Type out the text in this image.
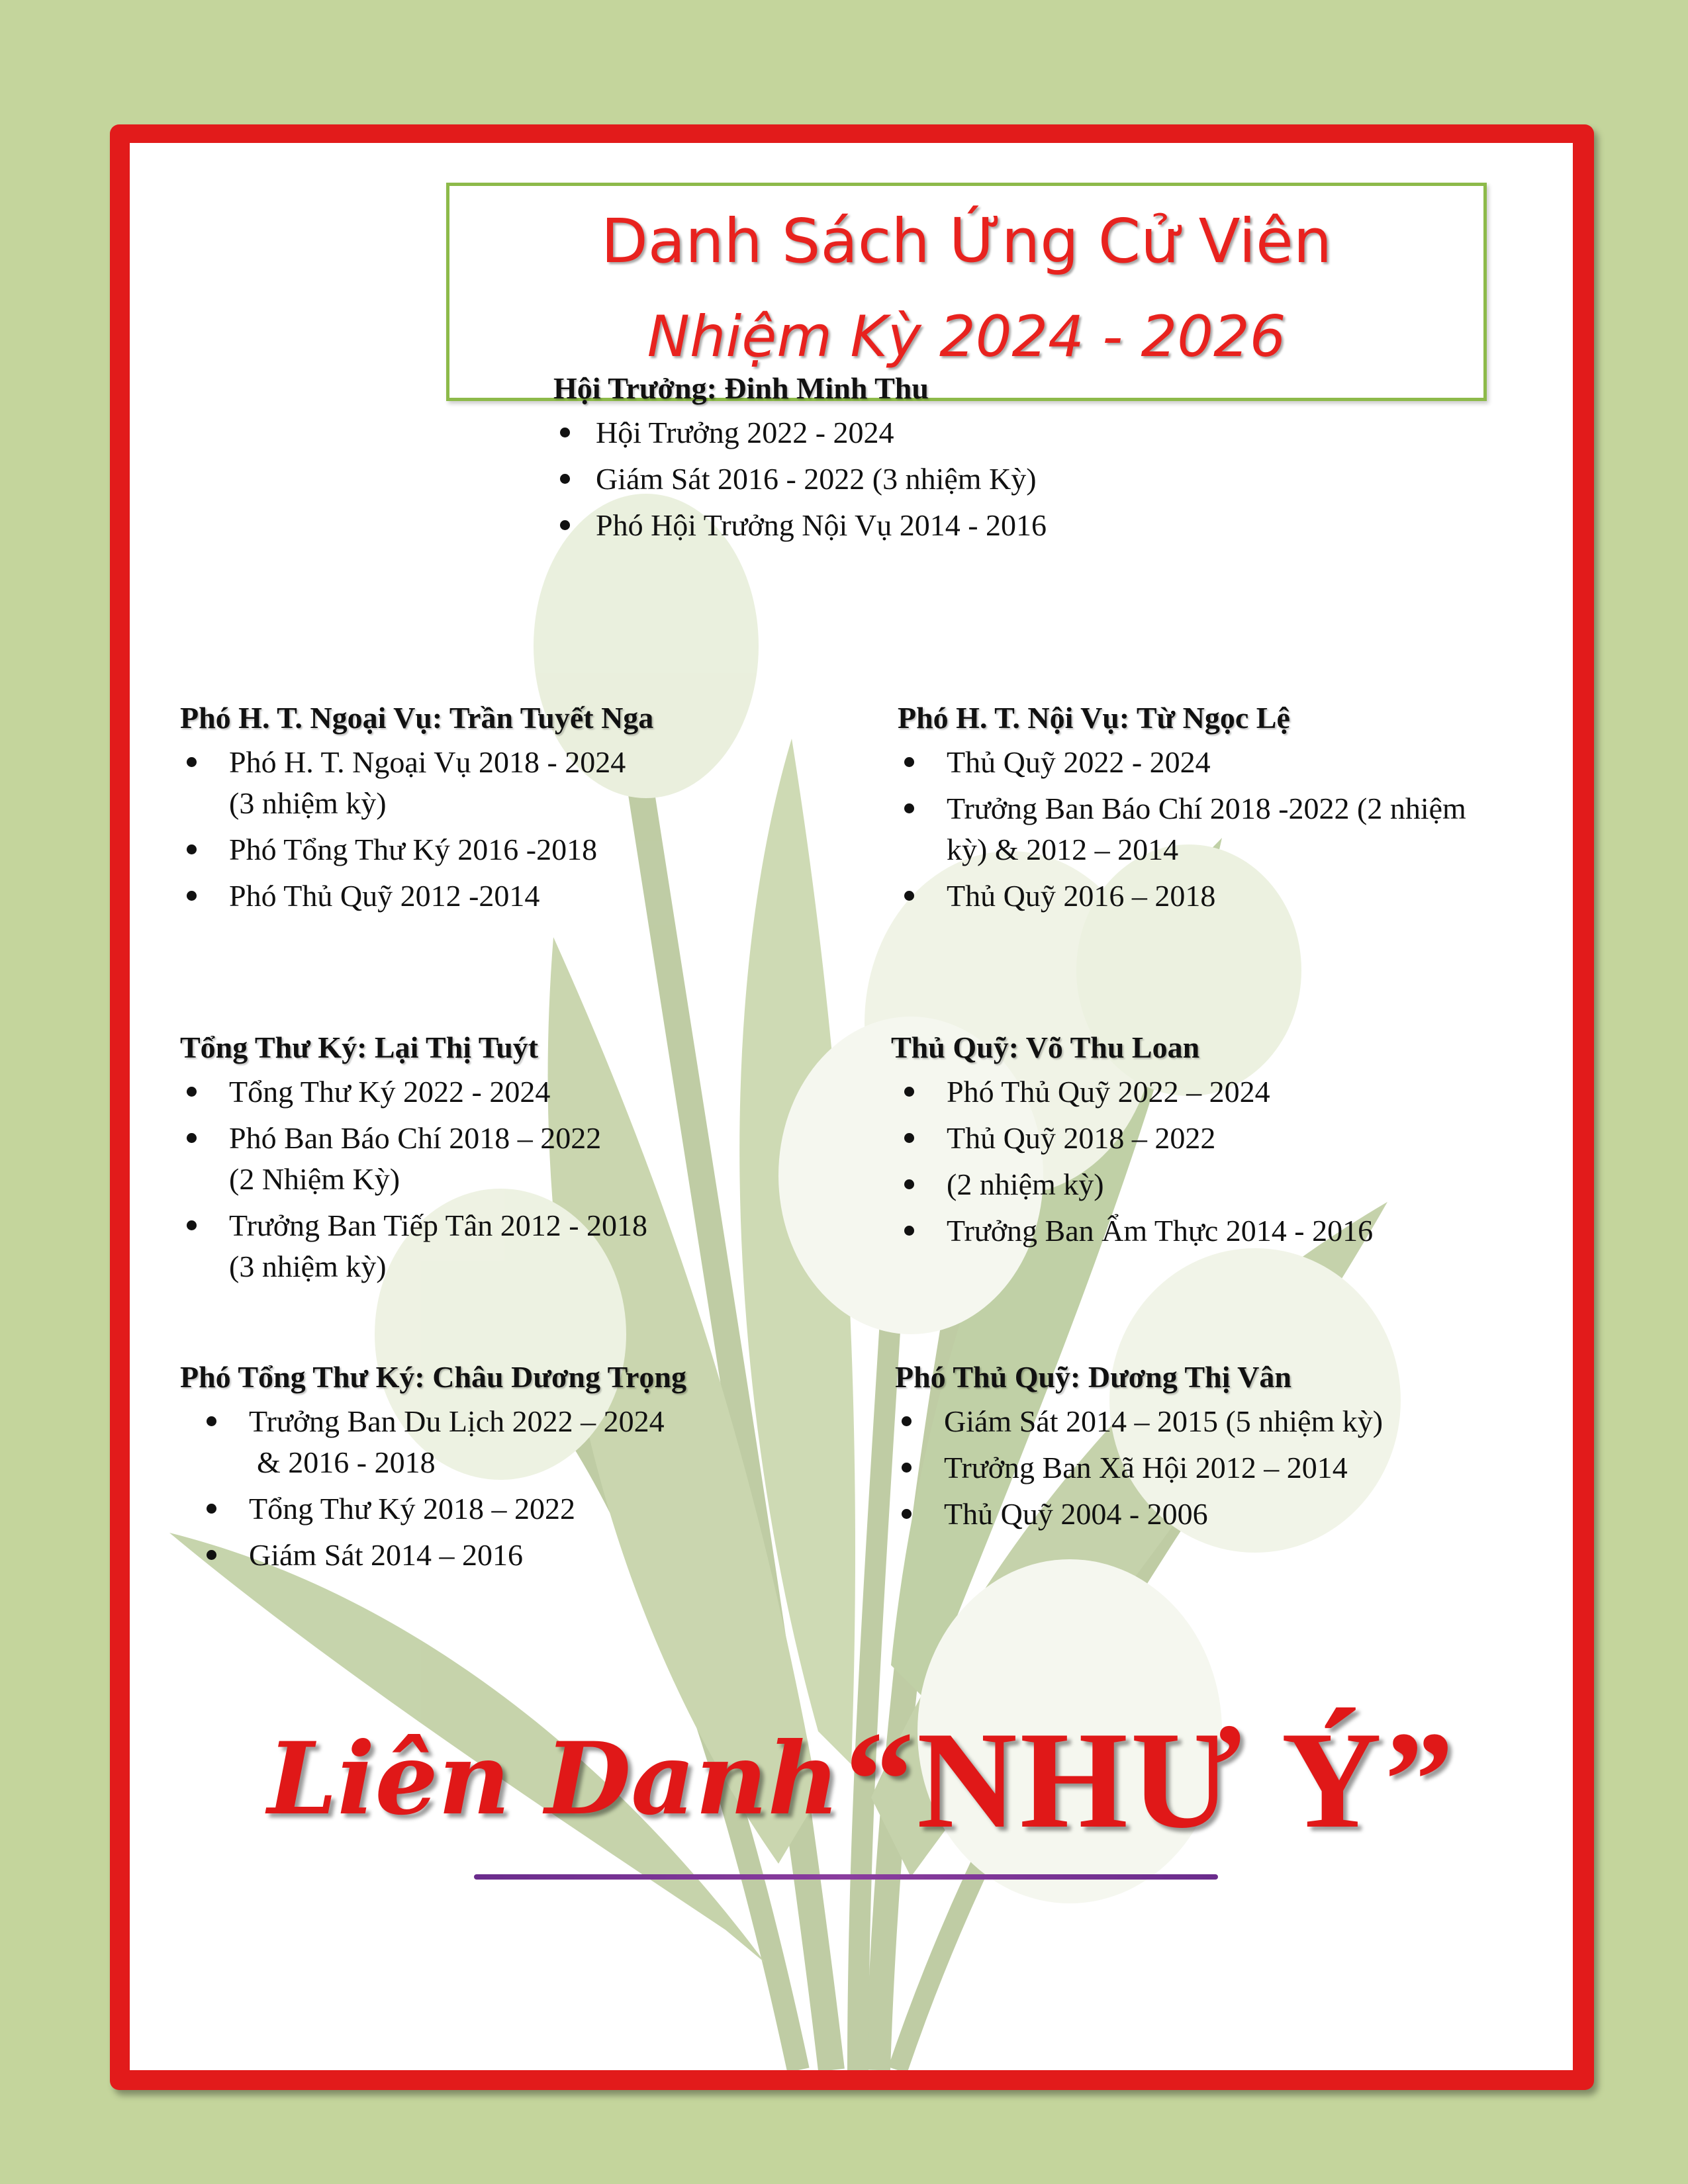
Danh Sách Ứng Cử Viên
Nhiệm Kỳ 2024 - 2026
Hội Trưởng: Đinh Minh Thu
Hội Trưởng 2022 - 2024
Giám Sát 2016 - 2022 (3 nhiệm Kỳ)
Phó Hội Trưởng Nội Vụ 2014 - 2016
Phó H. T. Ngoại Vụ: Trần Tuyết Nga
Phó H. T. Ngoại Vụ 2018 - 2024
(3 nhiệm kỳ)
Phó Tổng Thư Ký 2016 -2018
Phó Thủ Quỹ 2012 -2014
Phó H. T. Nội Vụ: Từ Ngọc Lệ
Thủ Quỹ 2022 - 2024
Trưởng Ban Báo Chí 2018 -2022 (2 nhiệm
kỳ) & 2012 – 2014
Thủ Quỹ 2016 – 2018
Tổng Thư Ký: Lại Thị Tuýt
Tổng Thư Ký 2022 - 2024
Phó Ban Báo Chí 2018 – 2022
(2 Nhiệm Kỳ)
Trưởng Ban Tiếp Tân 2012 - 2018
(3 nhiệm kỳ)
Thủ Quỹ: Võ Thu Loan
Phó Thủ Quỹ 2022 – 2024
Thủ Quỹ 2018 – 2022
(2 nhiệm kỳ)
Trưởng Ban Ẩm Thực 2014 - 2016
Phó Tổng Thư Ký: Châu Dương Trọng
Trưởng Ban Du Lịch 2022 – 2024
& 2016 - 2018
Tổng Thư Ký 2018 – 2022
Giám Sát 2014 – 2016
Phó Thủ Quỹ: Dương Thị Vân
Giám Sát 2014 – 2015 (5 nhiệm kỳ)
Trưởng Ban Xã Hội 2012 – 2014
Thủ Quỹ 2004 - 2006
Liên Danh “NHƯ Ý”
